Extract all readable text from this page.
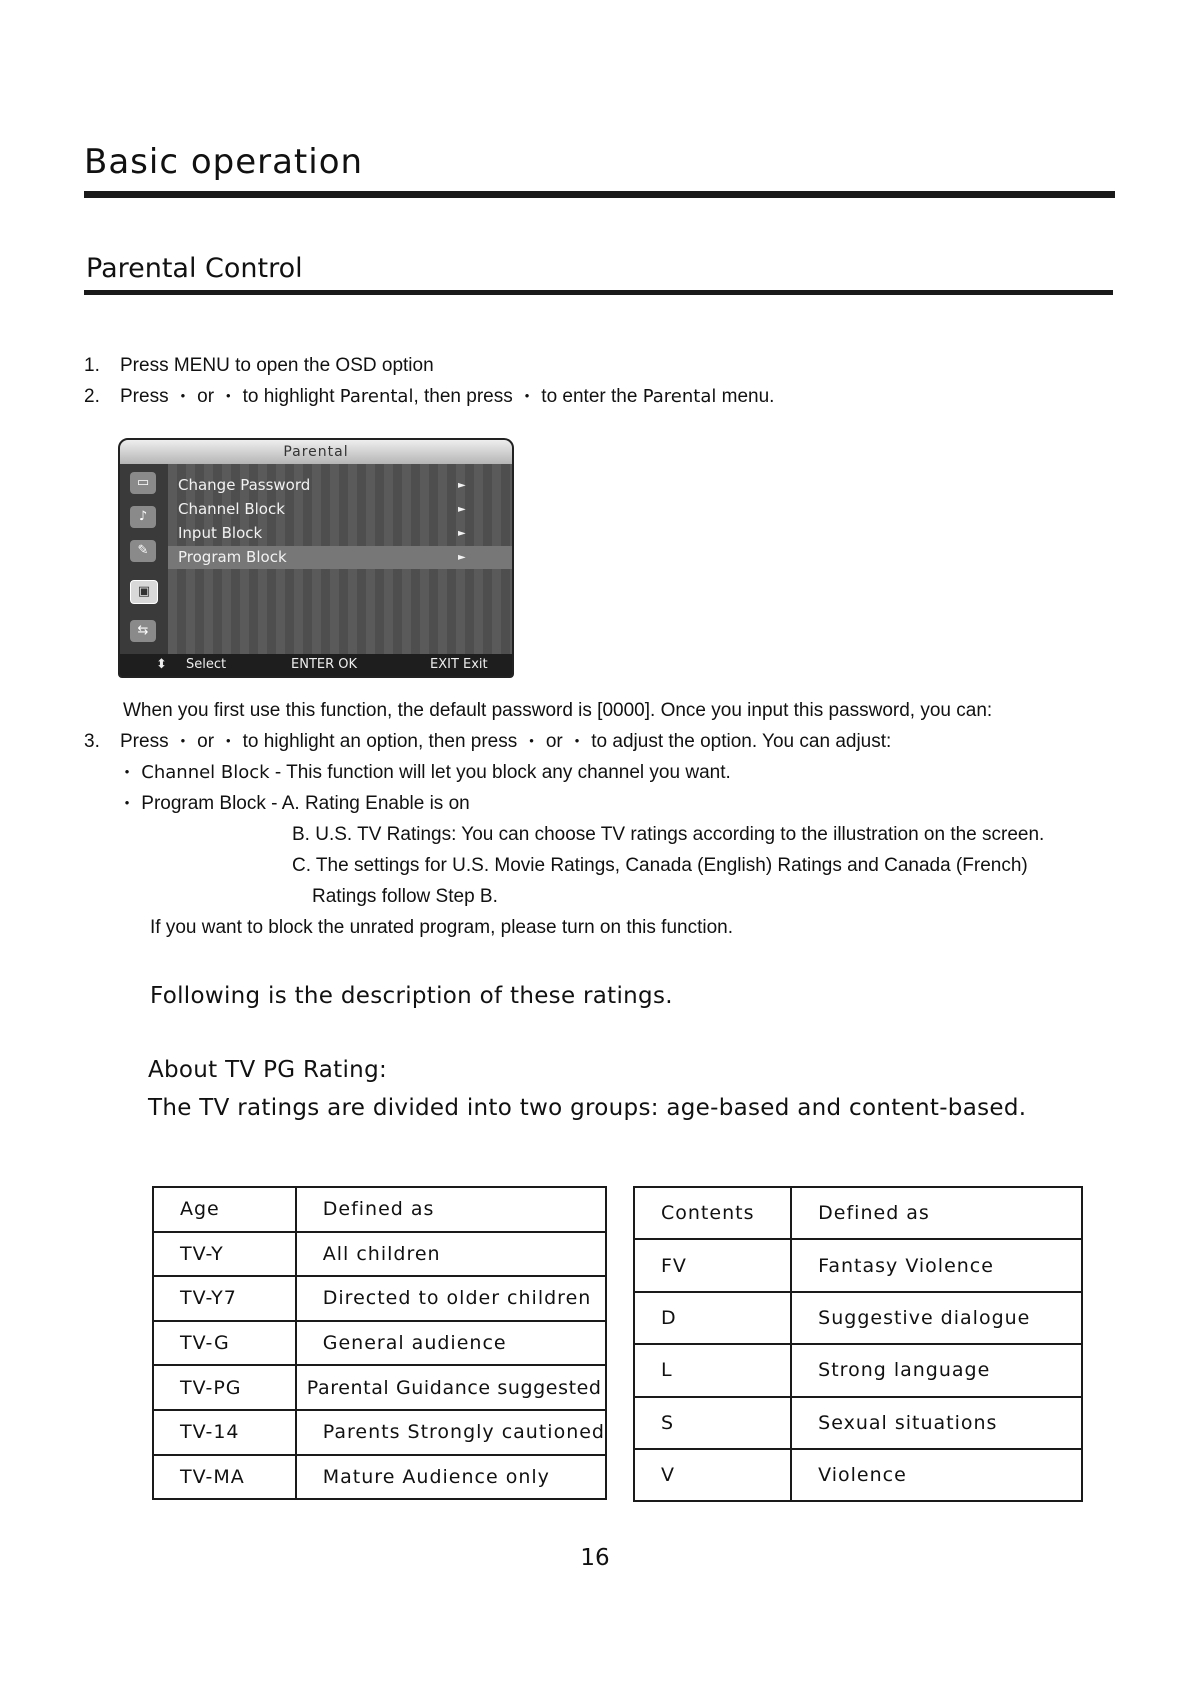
Basic operation
Parental Control
1. Press MENU to open the OSD option
2. Press • or • to highlight Parental, then press • to enter the Parental menu.
Parental
▭
♪
✎
▣
⇆
Change Password	►
Channel Block	►
Input Block	►
Program Block	►
⬍ Select	ENTER OK	EXIT Exit
When you first use this function, the default password is [0000]. Once you input this password, you can:
3. Press • or • to highlight an option, then press • or • to adjust the option. You can adjust:
• Channel Block - This function will let you block any channel you want.
• Program Block - A. Rating Enable is on
B. U.S. TV Ratings: You can choose TV ratings according to the illustration on the screen.
C. The settings for U.S. Movie Ratings, Canada (English) Ratings and Canada (French)
Ratings follow Step B.
If you want to block the unrated program, please turn on this function.
Following is the description of these ratings.
About TV PG Rating:
The TV ratings are divided into two groups: age-based and content-based.
Age	Defined as
TV-Y	All children
TV-Y7	Directed to older children
TV-G	General audience
TV-PG	Parental Guidance suggested
TV-14	Parents Strongly cautioned
TV-MA	Mature Audience only
Contents	Defined as
FV	Fantasy Violence
D	Suggestive dialogue
L	Strong language
S	Sexual situations
V	Violence
16
